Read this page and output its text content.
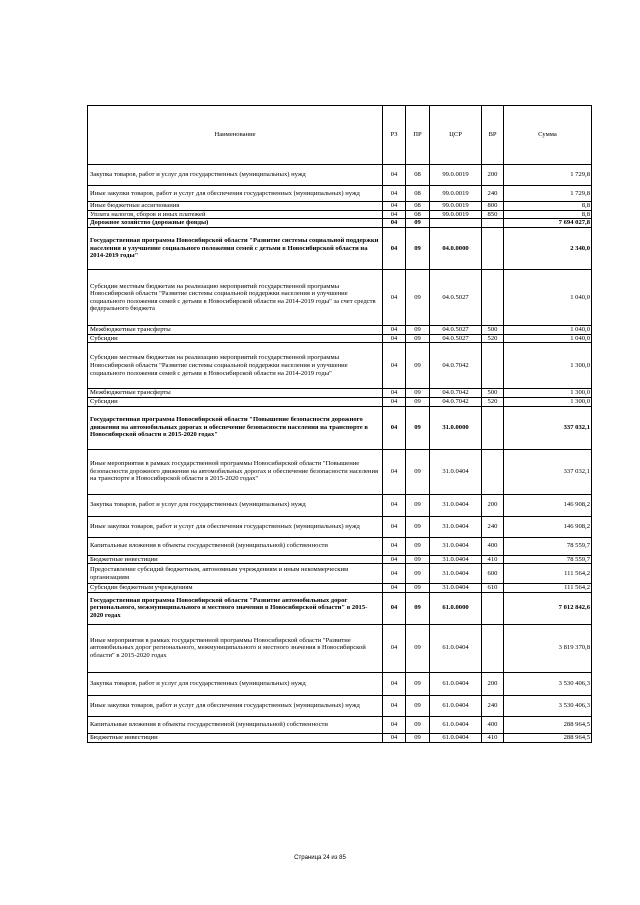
Наименование	РЗ	ПР	ЦСР	ВР	Сумма
Закупка товаров, работ и услуг для государственных (муниципальных) нужд	04	08	99.0.0019	200	1 729,8
Иные закупки товаров, работ и услуг для обеспечения государственных (муниципальных) нужд	04	08	99.0.0019	240	1 729,8
Иные бюджетные ассигнования	04	08	99.0.0019	800	8,8
Уплата налогов, сборов и иных платежей	04	08	99.0.0019	850	8,8
Дорожное хозяйство (дорожные фонды)	04	09			7 694 027,8
Государственная программа Новосибирской области "Развитие системы социальной поддержки населения и улучшение социального положения семей с детьми в Новосибирской области на 2014-2019 годы"	04	09	04.0.0000		2 340,0
Субсидии местным бюджетам на реализацию мероприятий государственной программы Новосибирской области "Развитие системы социальной поддержки населения и улучшение социального положения семей с детьми в Новосибирской области на 2014-2019 годы" за счет средств федерального бюджета	04	09	04.0.5027		1 040,0
Межбюджетные трансферты	04	09	04.0.5027	500	1 040,0
Субсидии	04	09	04.0.5027	520	1 040,0
Субсидии местным бюджетам на реализацию мероприятий государственной программы Новосибирской области "Развитие системы социальной поддержки населения и улучшение социального положения семей с детьми в Новосибирской области на 2014-2019 годы"	04	09	04.0.7042		1 300,0
Межбюджетные трансферты	04	09	04.0.7042	500	1 300,0
Субсидии	04	09	04.0.7042	520	1 300,0
Государственная программа Новосибирской области "Повышение безопасности дорожного движения на автомобильных дорогах и обеспечение безопасности населения на транспорте в Новосибирской области в 2015-2020 годах"	04	09	31.0.0000		337 032,1
Иные мероприятия в рамках государственной программы Новосибирской области "Повышение безопасности дорожного движения на автомобильных дорогах и обеспечение безопасности населения на транспорте в Новосибирской области в 2015-2020 годах"	04	09	31.0.0404		337 032,1
Закупка товаров, работ и услуг для государственных (муниципальных) нужд	04	09	31.0.0404	200	146 908,2
Иные закупки товаров, работ и услуг для обеспечения государственных (муниципальных) нужд	04	09	31.0.0404	240	146 908,2
Капитальные вложения в объекты государственной (муниципальной) собственности	04	09	31.0.0404	400	78 559,7
Бюджетные инвестиции	04	09	31.0.0404	410	78 559,7
Предоставление субсидий бюджетным, автономным учреждениям и иным некоммерческим организациям	04	09	31.0.0404	600	111 564,2
Субсидии бюджетным учреждениям	04	09	31.0.0404	610	111 564,2
Государственная программа Новосибирской области "Развитие автомобильных дорог регионального, межмуниципального и местного значения в Новосибирской области" в 2015-2020 годах	04	09	61.0.0000		7 012 842,6
Иные мероприятия в рамках государственной программы Новосибирской области "Развитие автомобильных дорог регионального, межмуниципального и местного значения в Новосибирской области" в 2015-2020 годах	04	09	61.0.0404		3 819 370,8
Закупка товаров, работ и услуг для государственных (муниципальных) нужд	04	09	61.0.0404	200	3 530 406,3
Иные закупки товаров, работ и услуг для обеспечения государственных (муниципальных) нужд	04	09	61.0.0404	240	3 530 406,3
Капитальные вложения в объекты государственной (муниципальной) собственности	04	09	61.0.0404	400	288 964,5
Бюджетные инвестиции	04	09	61.0.0404	410	288 964,5
Страница 24 из 85
